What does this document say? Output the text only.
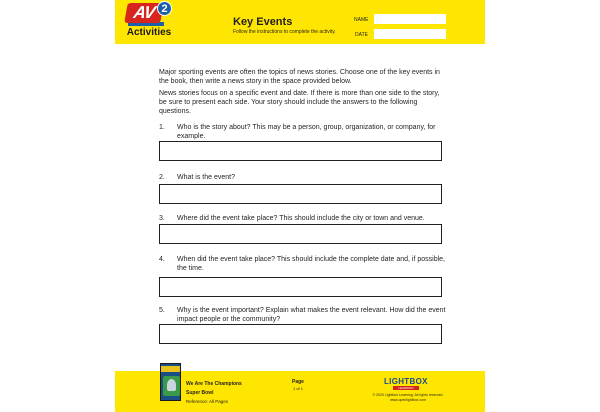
AV 2
Activities
Key Events
Follow the instructions to complete the activity.
NAME
DATE
Major sporting events are often the topics of news stories. Choose one of the key events in the book, then write a news story in the space provided below.
News stories focus on a specific event and date. If there is more than one side to the story, be sure to present each side. Your story should include the answers to the following questions.
1.	Who is the story about? This may be a person, group, organization, or company, for example.
2.	What is the event?
3.	Where did the event take place? This should include the city or town and venue.
4.	When did the event take place? This should include the complete date and, if possible, the time.
5.	Why is the event important? Explain what makes the event relevant. How did the event impact people or the community?
We Are The Champions
Super Bowl
Reference: All Pages
Page
1 of 1
LIGHTBOX
LEARNING
© 2020 Lightbox Learning. All rights reserved.
www.openlightbox.com
